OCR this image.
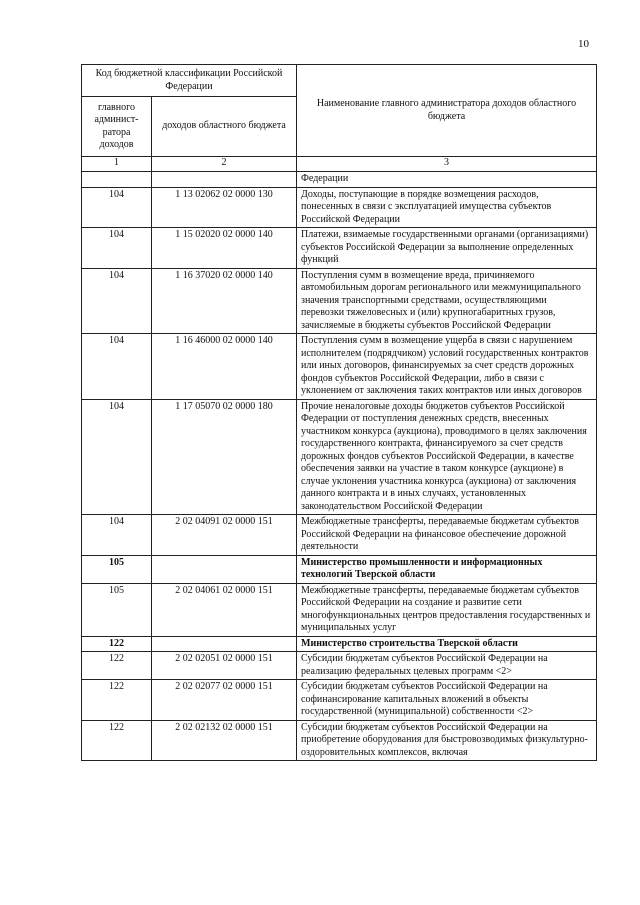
10
Код бюджетной классификации Российской Федерации		Наименование главного администратора доходов областного бюджета
главного админист-ратора доходов	доходов областного бюджета	
1	2	3
		Федерации
104	1 13 02062 02 0000 130	Доходы, поступающие в порядке возмещения расходов, понесенных в связи с эксплуатацией имущества субъектов Российской Федерации
104	1 15 02020 02 0000 140	Платежи, взимаемые государственными органами (организациями) субъектов Российской Федерации за выполнение определенных функций
104	1 16 37020 02 0000 140	Поступления сумм в возмещение вреда, причиняемого автомобильным дорогам регионального или межмуниципального значения транспортными средствами, осуществляющими перевозки тяжеловесных и (или) крупногабаритных грузов, зачисляемые в бюджеты субъектов Российской Федерации
104	1 16 46000 02 0000 140	Поступления сумм в возмещение ущерба в связи с нарушением исполнителем (подрядчиком) условий государственных контрактов или иных договоров, финансируемых за счет средств дорожных фондов субъектов Российской Федерации, либо в связи с уклонением от заключения таких контрактов или иных договоров
104	1 17 05070 02 0000 180	Прочие неналоговые доходы бюджетов субъектов Российской Федерации от поступления денежных средств, внесенных участником конкурса (аукциона), проводимого в целях заключения государственного контракта, финансируемого за счет средств дорожных фондов субъектов Российской Федерации, в качестве обеспечения заявки на участие в таком конкурсе (аукционе) в случае уклонения участника конкурса (аукциона) от заключения данного контракта и в иных случаях, установленных законодательством Российской Федерации
104	2 02 04091 02 0000 151	Межбюджетные трансферты, передаваемые бюджетам субъектов Российской Федерации на финансовое обеспечение дорожной деятельности
105		Министерство промышленности и информационных технологий Тверской области
105	2 02 04061 02 0000 151	Межбюджетные трансферты, передаваемые бюджетам субъектов Российской Федерации на создание и развитие сети многофункциональных центров предоставления государственных и муниципальных услуг
122		Министерство строительства Тверской области
122	2 02 02051 02 0000 151	Субсидии бюджетам субъектов Российской Федерации на реализацию федеральных целевых программ <2>
122	2 02 02077 02 0000 151	Субсидии бюджетам субъектов Российской Федерации на софинансирование капитальных вложений в объекты государственной (муниципальной) собственности <2>
122	2 02 02132 02 0000 151	Субсидии бюджетам субъектов Российской Федерации на приобретение оборудования для быстровозводимых физкультурно-оздоровительных комплексов, включая
